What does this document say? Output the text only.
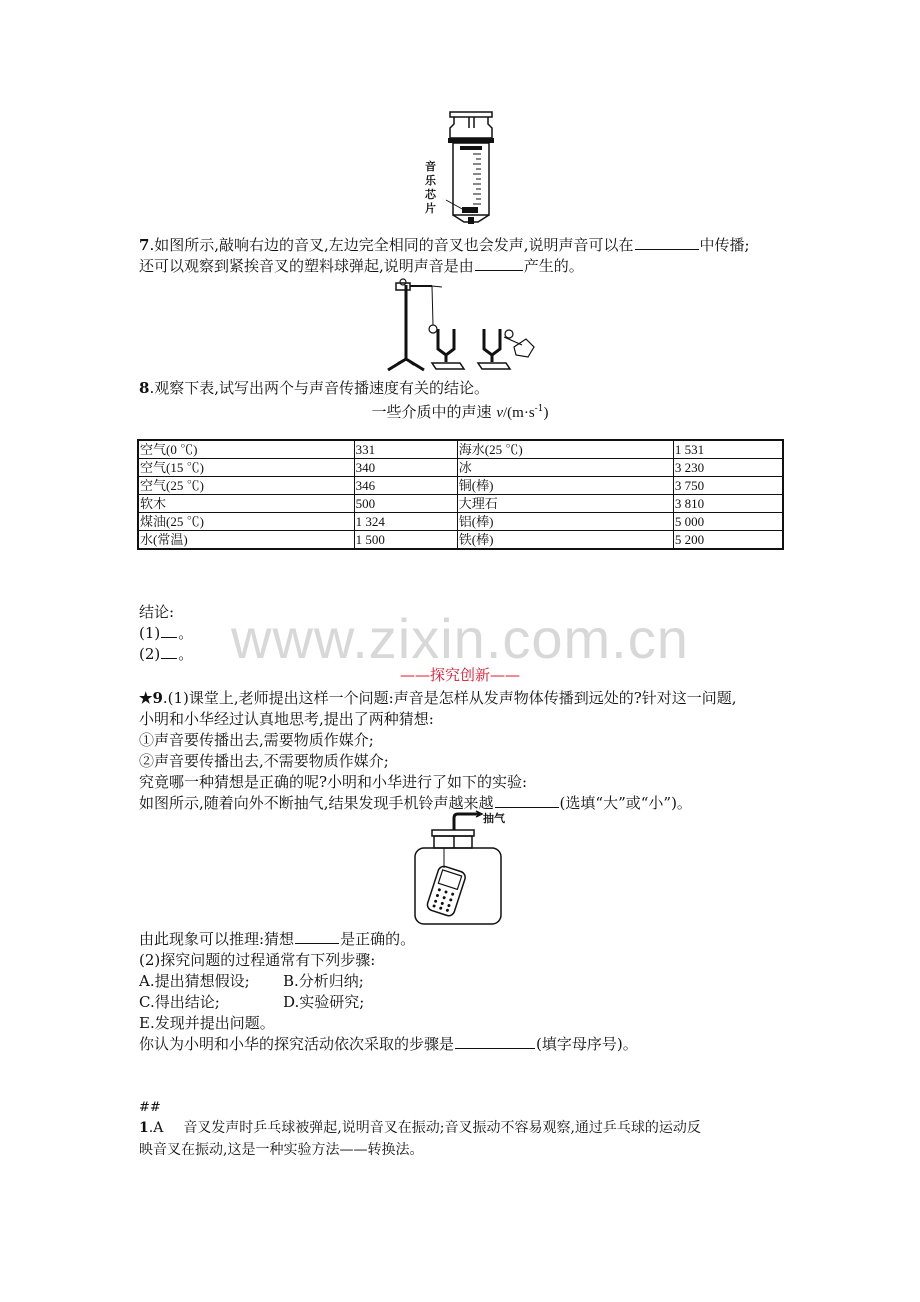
音
乐
芯
片
7.如图所示,敲响右边的音叉,左边完全相同的音叉也会发声,说明声音可以在	中传播;
还可以观察到紧挨音叉的塑料球弹起,说明声音是由	产生的。
8.观察下表,试写出两个与声音传播速度有关的结论。
一些介质中的声速 $v/(m\cdot s^{-1})$
空气(0 ℃)	331	海水(25 ℃)	1 531
空气(15 ℃)	340	冰	3 230
空气(25 ℃)	346	铜(棒)	3 750
软木	500	大理石	3 810
煤油(25 ℃)	1 324	铝(棒)	5 000
水(常温)	1 500	铁(棒)	5 200
结论:
(1) 。
(2) 。 www.zixin.com.cn
——探究创新——
★9.(1)课堂上,老师提出这样一个问题:声音是怎样从发声物体传播到远处的?针对这一问题,
小明和小华经过认真地思考,提出了两种猜想:
①声音要传播出去,需要物质作媒介;
②声音要传播出去,不需要物质作媒介;
究竟哪一种猜想是正确的呢?小明和小华进行了如下的实验:
如图所示,随着向外不断抽气,结果发现手机铃声越来越	(选填“大”或“小”)。
抽气
由此现象可以推理:猜想	是正确的。
(2)探究问题的过程通常有下列步骤:
A.提出猜想假设; B.分析归纳;
C.得出结论;	D.实验研究;
E.发现并提出问题。
你认为小明和小华的探究活动依次采取的步骤是	(填字母序号)。
##
1.A 音叉发声时乒乓球被弹起,说明音叉在振动;音叉振动不容易观察,通过乒乓球的运动反
映音叉在振动,这是一种实验方法——转换法。
